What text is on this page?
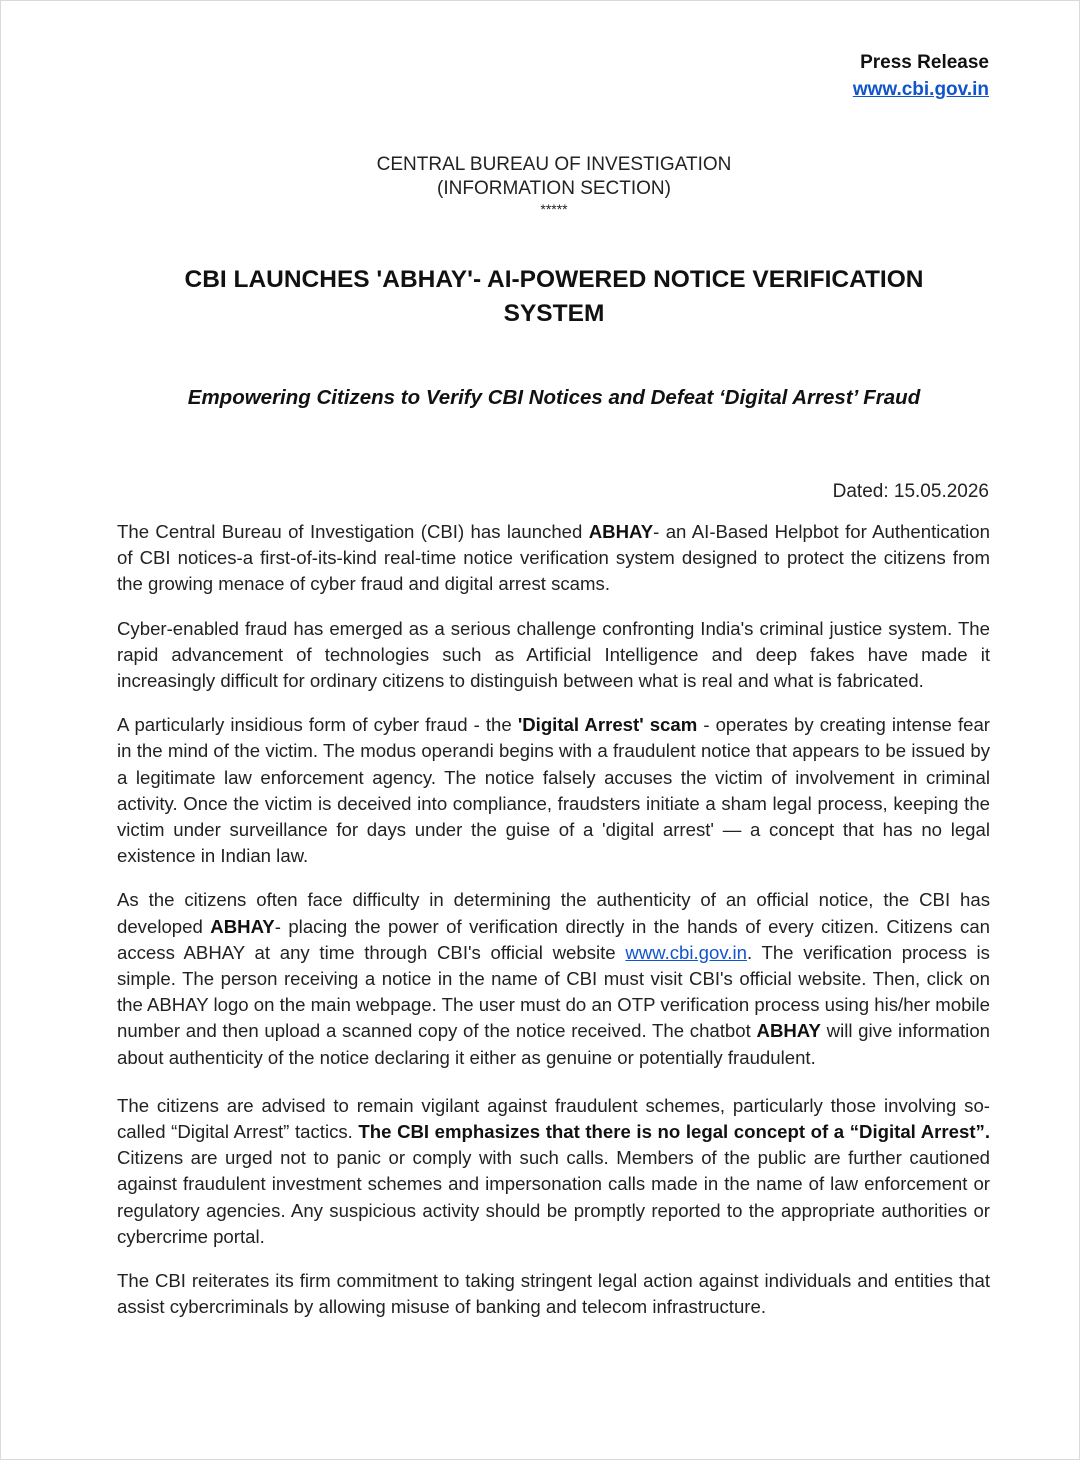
Press Release
www.cbi.gov.in
CENTRAL BUREAU OF INVESTIGATION
(INFORMATION SECTION)
*****
CBI LAUNCHES 'ABHAY'- AI-POWERED NOTICE VERIFICATION SYSTEM
Empowering Citizens to Verify CBI Notices and Defeat ‘Digital Arrest’ Fraud
Dated: 15.05.2026

The Central Bureau of Investigation (CBI) has launched ABHAY- an AI-Based Helpbot for Authentication of CBI notices-a first-of-its-kind real-time notice verification system designed to protect the citizens from the growing menace of cyber fraud and digital arrest scams.

Cyber-enabled fraud has emerged as a serious challenge confronting India's criminal justice system. The rapid advancement of technologies such as Artificial Intelligence and deep fakes have made it increasingly difficult for ordinary citizens to distinguish between what is real and what is fabricated.

A particularly insidious form of cyber fraud - the 'Digital Arrest' scam - operates by creating intense fear in the mind of the victim. The modus operandi begins with a fraudulent notice that appears to be issued by a legitimate law enforcement agency. The notice falsely accuses the victim of involvement in criminal activity. Once the victim is deceived into compliance, fraudsters initiate a sham legal process, keeping the victim under surveillance for days under the guise of a 'digital arrest' — a concept that has no legal existence in Indian law.

As the citizens often face difficulty in determining the authenticity of an official notice, the CBI has developed ABHAY- placing the power of verification directly in the hands of every citizen. Citizens can access ABHAY at any time through CBI's official website www.cbi.gov.in. The verification process is simple. The person receiving a notice in the name of CBI must visit CBI's official website. Then, click on the ABHAY logo on the main webpage. The user must do an OTP verification process using his/her mobile number and then upload a scanned copy of the notice received. The chatbot ABHAY will give information about authenticity of the notice declaring it either as genuine or potentially fraudulent.

The citizens are advised to remain vigilant against fraudulent schemes, particularly those involving so-called “Digital Arrest” tactics. The CBI emphasizes that there is no legal concept of a “Digital Arrest”. Citizens are urged not to panic or comply with such calls. Members of the public are further cautioned against fraudulent investment schemes and impersonation calls made in the name of law enforcement or regulatory agencies. Any suspicious activity should be promptly reported to the appropriate authorities or cybercrime portal.

The CBI reiterates its firm commitment to taking stringent legal action against individuals and entities that assist cybercriminals by allowing misuse of banking and telecom infrastructure.
